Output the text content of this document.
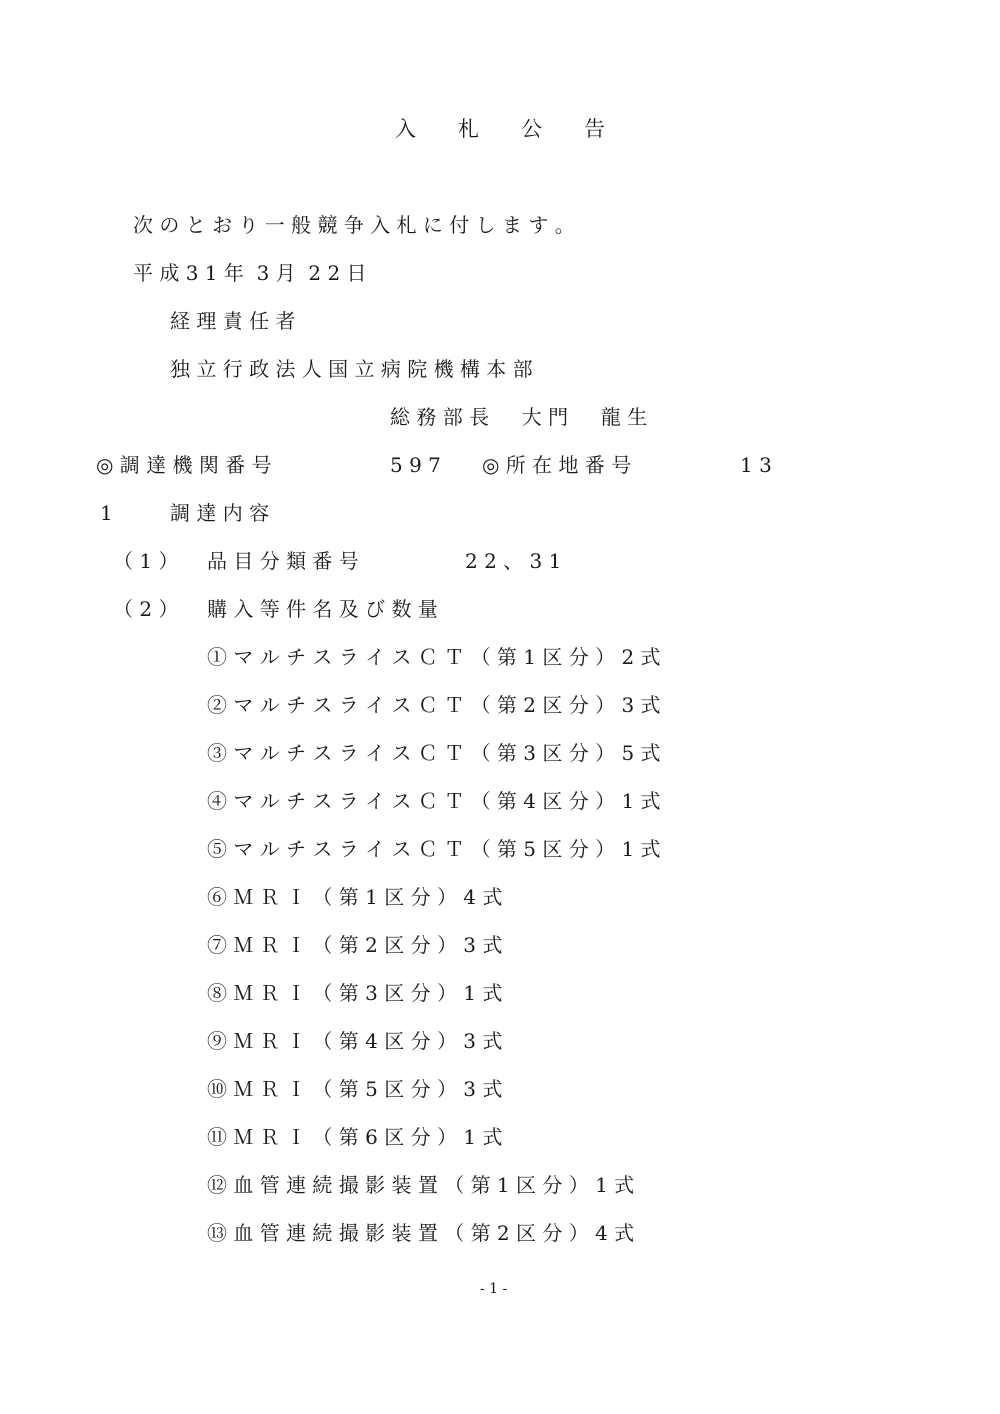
入　　札　　公　　告
次 の と お り 一 般 競 争 入 札 に 付 し ま す 。
平 成 3 1 年  3 月  2 2 日
経 理 責 任 者
独 立 行 政 法 人 国 立 病 院 機 構 本 部
総 務 部 長 　 大 門 　 龍 生
◎ 調 達 機 関 番 号	5 9 7 ◎ 所 在 地 番 号	1 3
1	調 達 内 容
（ 1 ） 品 目 分 類 番 号	2 2 、 3 1
（ 2 ） 購 入 等 件 名 及 び 数 量
① マ ル チ ス ラ イ ス Ｃ Ｔ （ 第 1 区 分 ） 2 式
② マ ル チ ス ラ イ ス Ｃ Ｔ （ 第 2 区 分 ） 3 式
③ マ ル チ ス ラ イ ス Ｃ Ｔ （ 第 3 区 分 ） 5 式
④ マ ル チ ス ラ イ ス Ｃ Ｔ （ 第 4 区 分 ） 1 式
⑤ マ ル チ ス ラ イ ス Ｃ Ｔ （ 第 5 区 分 ） 1 式
⑥ Ｍ Ｒ Ｉ （ 第 1 区 分 ） 4 式
⑦ Ｍ Ｒ Ｉ （ 第 2 区 分 ） 3 式
⑧ Ｍ Ｒ Ｉ （ 第 3 区 分 ） 1 式
⑨ Ｍ Ｒ Ｉ （ 第 4 区 分 ） 3 式
⑩ Ｍ Ｒ Ｉ （ 第 5 区 分 ） 3 式
⑪ Ｍ Ｒ Ｉ （ 第 6 区 分 ） 1 式
⑫ 血 管 連 続 撮 影 装 置 （ 第 1 区 分 ） 1 式
⑬ 血 管 連 続 撮 影 装 置 （ 第 2 区 分 ） 4 式
- 1 -
